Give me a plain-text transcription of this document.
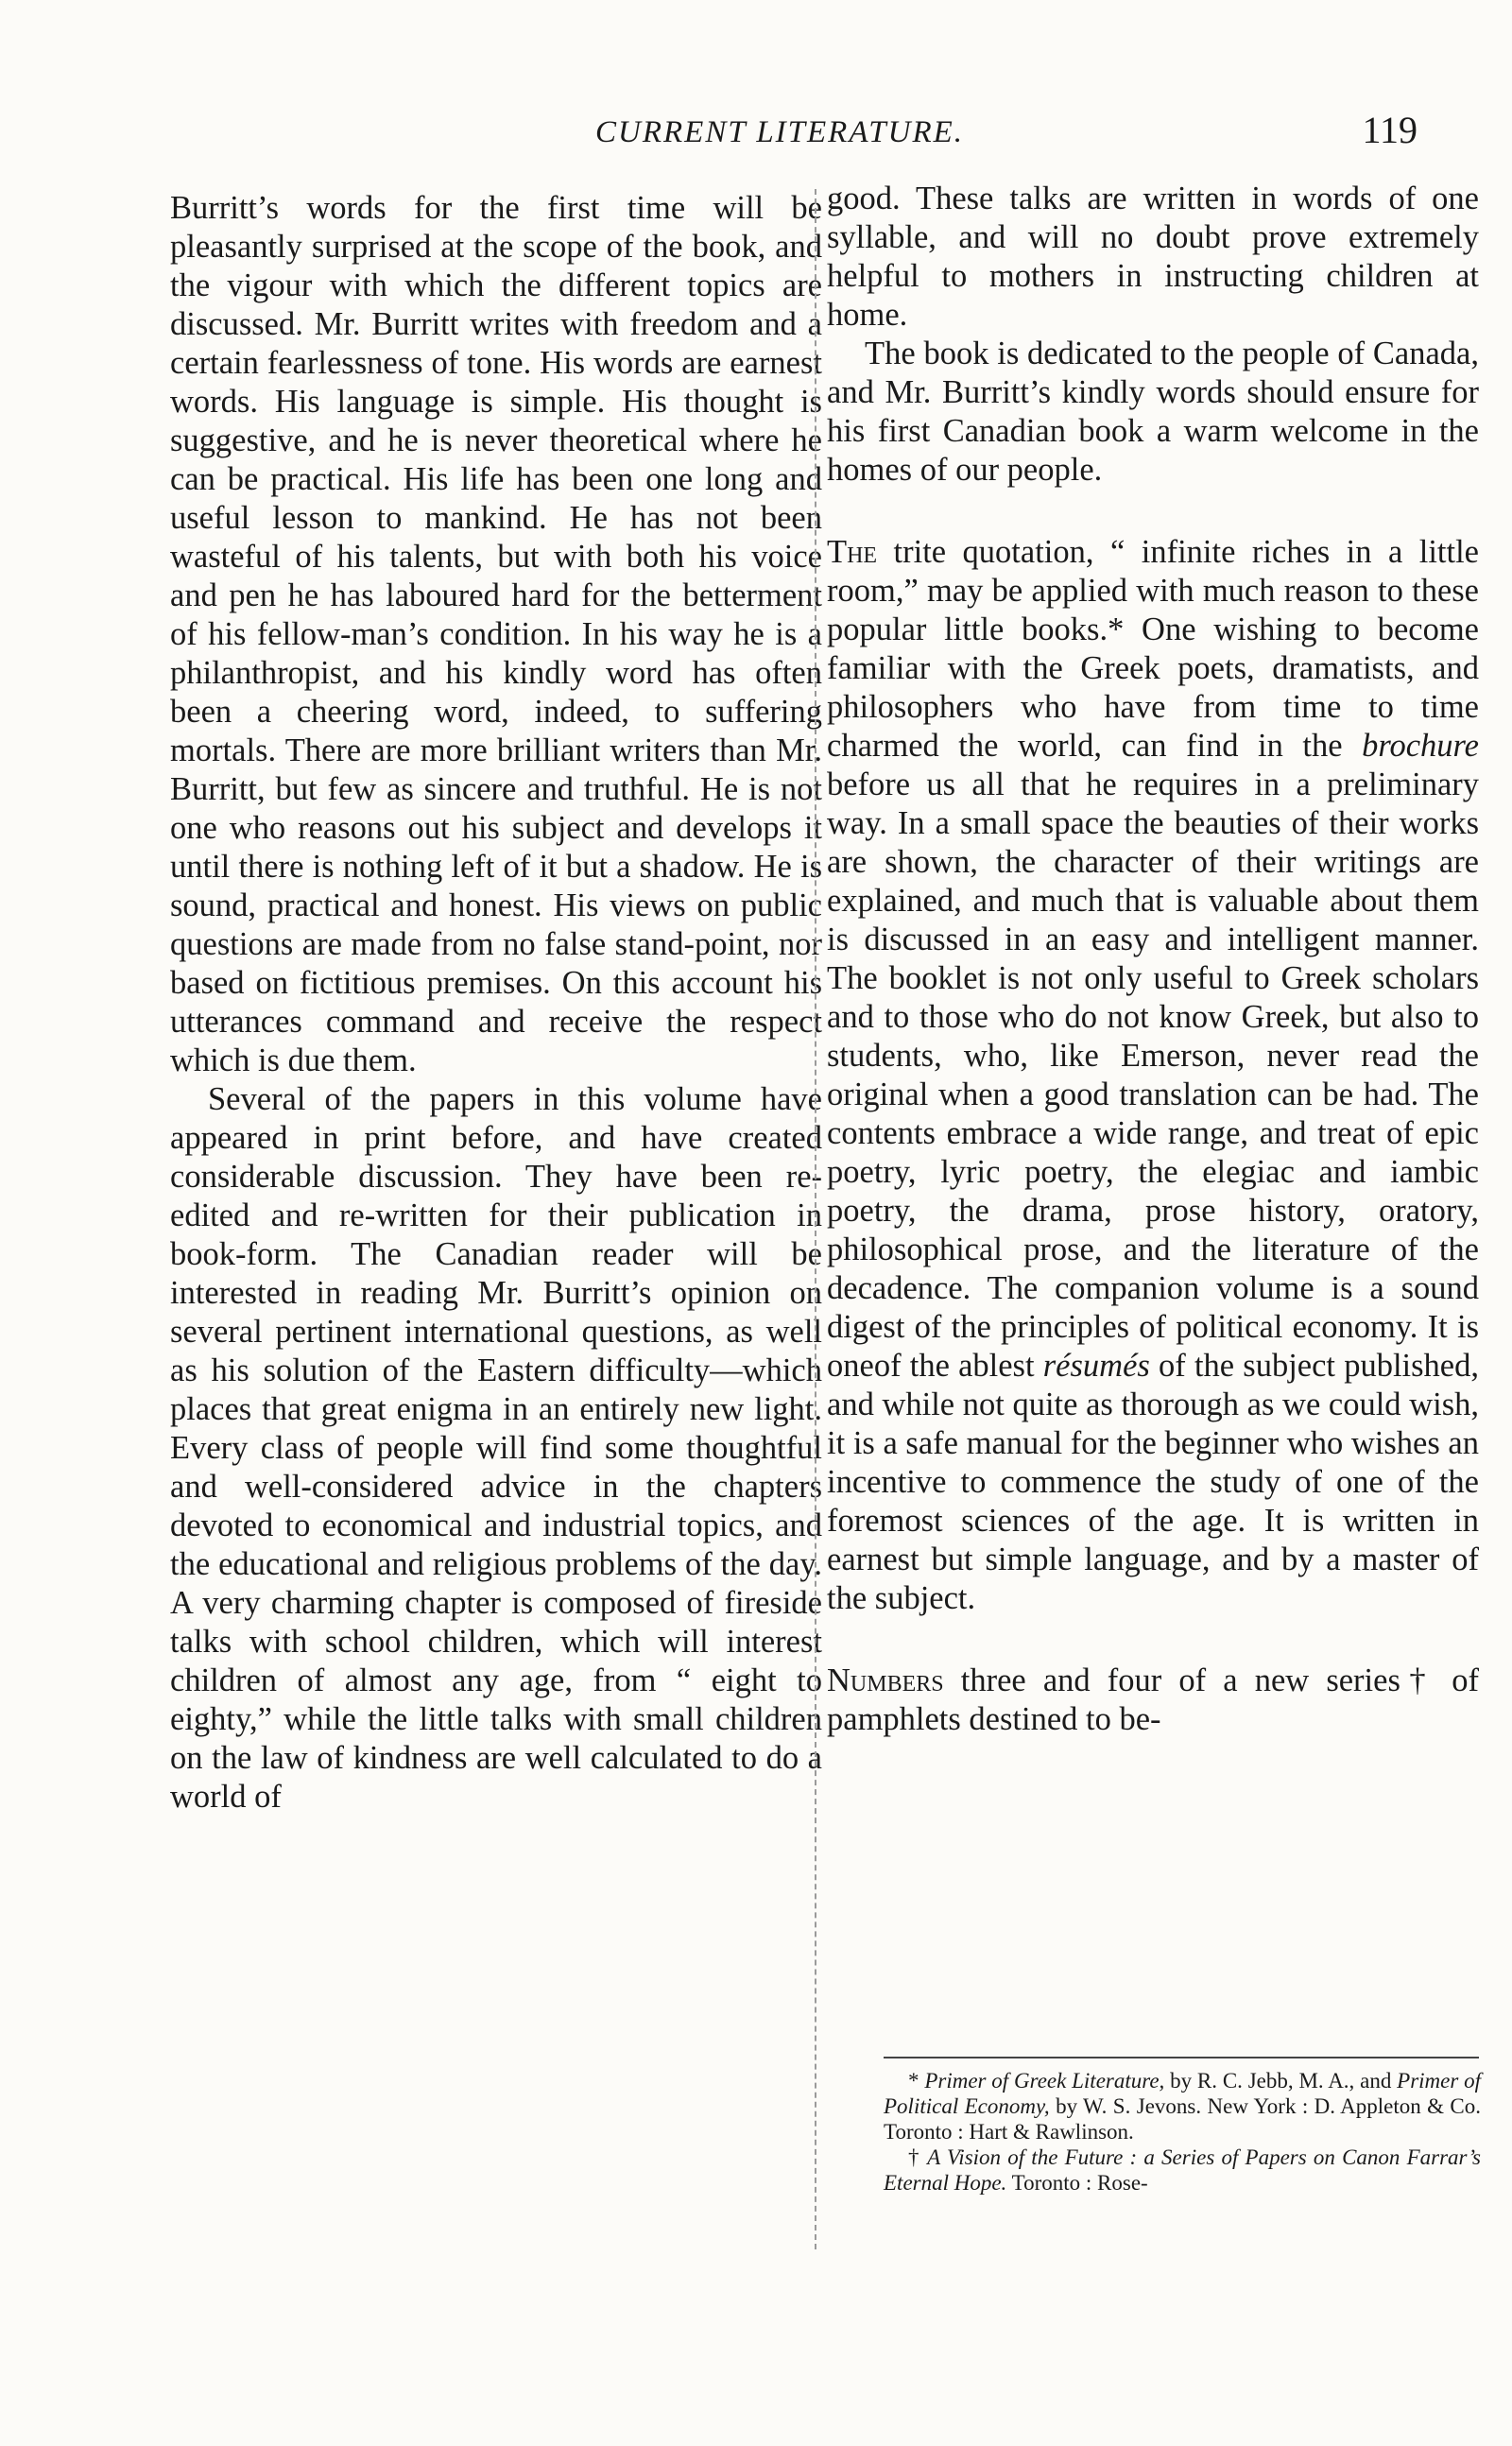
CURRENT LITERATURE.	119

Burritt’s words for the first time will be pleasantly surprised at the scope of the book, and the vigour with which the different topics are discussed. Mr. Burritt writes with freedom and a certain fearlessness of tone. His words are earnest words. His language is simple. His thought is suggestive, and he is never theoretical where he can be practical. His life has been one long and useful lesson to mankind. He has not been wasteful of his talents, but with both his voice and pen he has laboured hard for the betterment of his fellow-man’s condition. In his way he is a philanthropist, and his kindly word has often been a cheering word, indeed, to suffering mortals. There are more brilliant writers than Mr. Burritt, but few as sincere and truthful. He is not one who reasons out his subject and develops it until there is nothing left of it but a shadow. He is sound, practical and honest. His views on public questions are made from no false stand-point, nor based on fictitious premises. On this account his utterances command and receive the respect which is due them.

Several of the papers in this volume have appeared in print before, and have created considerable discussion. They have been re-edited and re-written for their publication in book-form. The Canadian reader will be interested in reading Mr. Burritt’s opinion on several pertinent international questions, as well as his solution of the Eastern difficulty—which places that great enigma in an entirely new light. Every class of people will find some thoughtful and well-considered advice in the chapters devoted to economical and industrial topics, and the educational and religious problems of the day. A very charming chapter is composed of fireside talks with school children, which will interest children of almost any age, from “ eight to eighty,” while the little talks with small children on the law of kindness are well calculated to do a world of

good. These talks are written in words of one syllable, and will no doubt prove extremely helpful to mothers in instructing children at home.

The book is dedicated to the people of Canada, and Mr. Burritt’s kindly words should ensure for his first Canadian book a warm welcome in the homes of our people.

The trite quotation, “ infinite riches in a little room,” may be applied with much reason to these popular little books.* One wishing to become familiar with the Greek poets, dramatists, and philosophers who have from time to time charmed the world, can find in the brochure before us all that he requires in a preliminary way. In a small space the beauties of their works are shown, the character of their writings are explained, and much that is valuable about them is discussed in an easy and intelligent manner. The booklet is not only useful to Greek scholars and to those who do not know Greek, but also to students, who, like Emerson, never read the original when a good translation can be had. The contents embrace a wide range, and treat of epic poetry, lyric poetry, the elegiac and iambic poetry, the drama, prose history, oratory, philosophical prose, and the literature of the decadence. The companion volume is a sound digest of the principles of political economy. It is oneof the ablest résumés of the subject published, and while not quite as thorough as we could wish, it is a safe manual for the beginner who wishes an incentive to commence the study of one of the foremost sciences of the age. It is written in earnest but simple language, and by a master of the subject.

Numbers three and four of a new series† of pamphlets destined to be-

* Primer of Greek Literature, by R. C. Jebb, M. A., and Primer of Political Economy, by W. S. Jevons. New York : D. Appleton & Co. Toronto : Hart & Rawlinson.

† A Vision of the Future : a Series of Papers on Canon Farrar’s Eternal Hope. Toronto : Rose-
